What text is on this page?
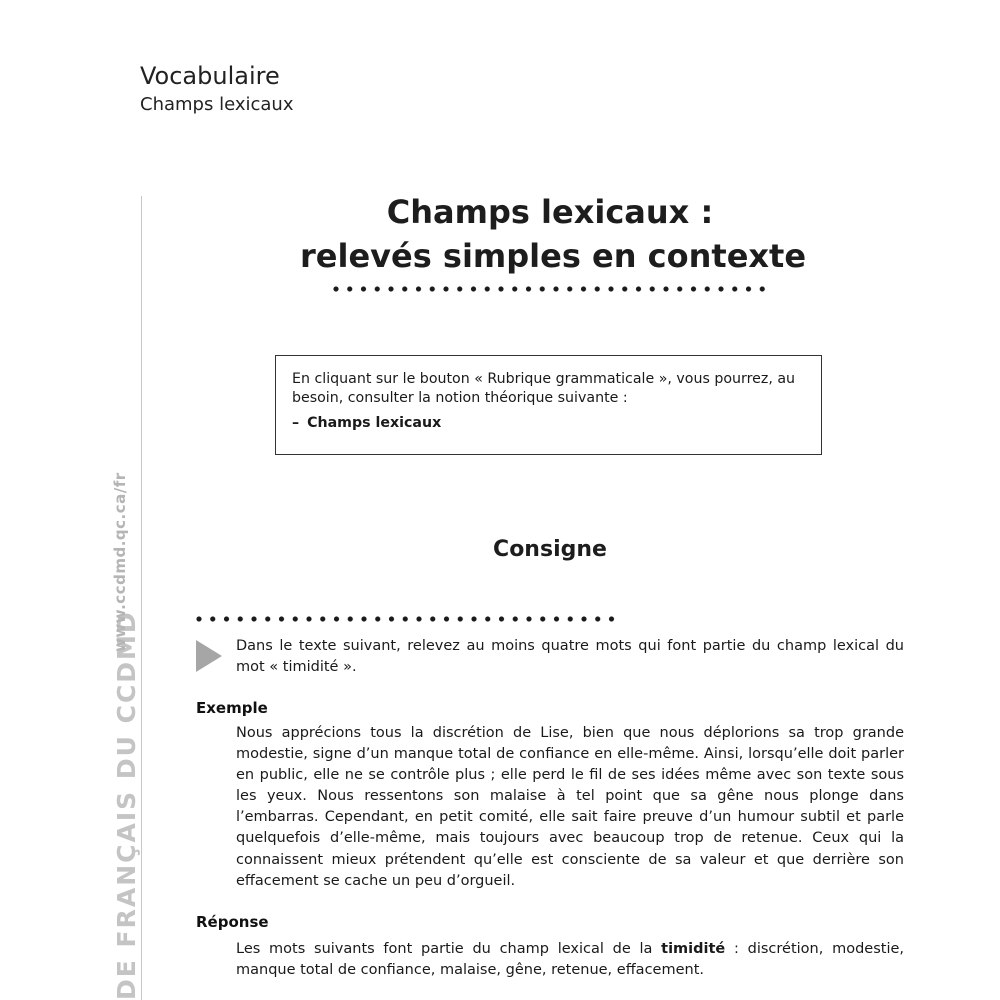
Vocabulaire
Champs lexicaux
DE FRANÇAIS DU CCDMD
www.ccdmd.qc.ca/fr
Champs lexicaux :
relevés simples en contexte
En cliquant sur le bouton « Rubrique grammaticale », vous pourrez, au besoin, consulter la notion théorique suivante :
– Champs lexicaux
Consigne
Dans le texte suivant, relevez au moins quatre mots qui font partie du champ lexical du mot « timidité ».
Exemple
Nous apprécions tous la discrétion de Lise, bien que nous déplorions sa trop grande modestie, signe d’un manque total de confiance en elle-même. Ainsi, lorsqu’elle doit parler en public, elle ne se contrôle plus ; elle perd le fil de ses idées même avec son texte sous les yeux. Nous ressentons son malaise à tel point que sa gêne nous plonge dans l’embarras. Cependant, en petit comité, elle sait faire preuve d’un humour subtil et parle quelquefois d’elle-même, mais toujours avec beaucoup trop de retenue. Ceux qui la connaissent mieux prétendent qu’elle est consciente de sa valeur et que derrière son effacement se cache un peu d’orgueil.
Réponse
Les mots suivants font partie du champ lexical de la timidité : discrétion, modestie, manque total de confiance, malaise, gêne, retenue, effacement.
